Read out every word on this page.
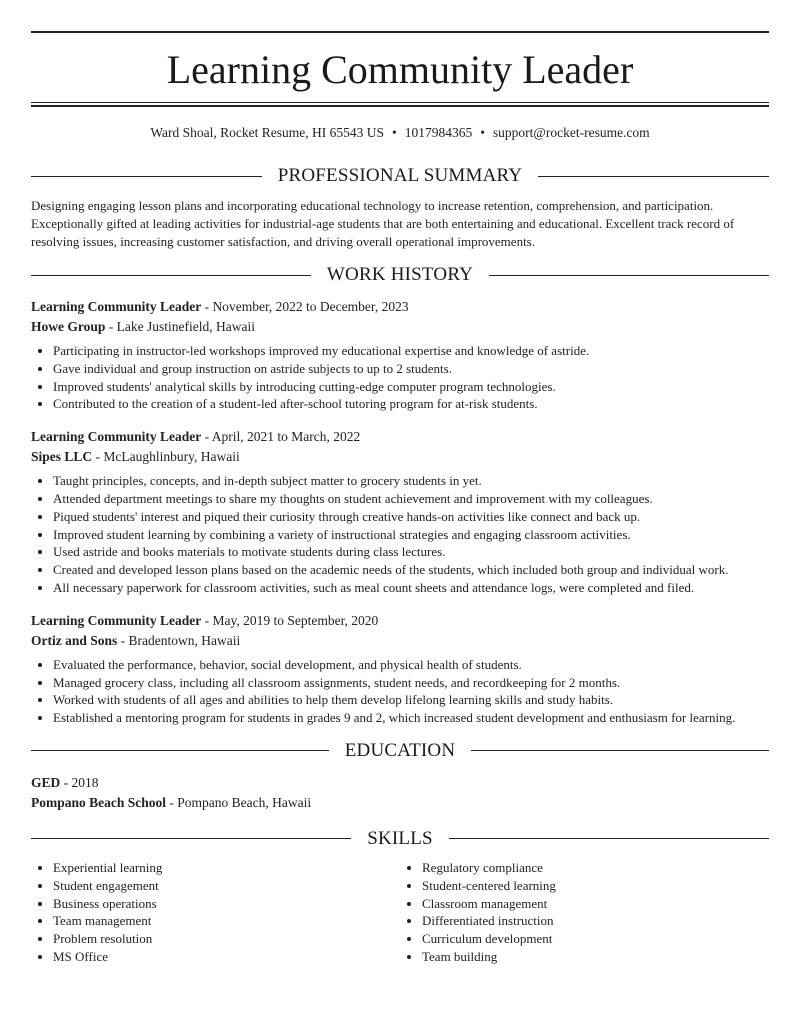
Learning Community Leader
Ward Shoal, Rocket Resume, HI 65543 US • 1017984365 • support@rocket-resume.com
PROFESSIONAL SUMMARY

Designing engaging lesson plans and incorporating educational technology to increase retention, comprehension, and participation. Exceptionally gifted at leading activities for industrial-age students that are both entertaining and educational. Excellent track record of resolving issues, increasing customer satisfaction, and driving overall operational improvements.

WORK HISTORY
Learning Community Leader - November, 2022 to December, 2023
Howe Group - Lake Justinefield, Hawaii
• Participating in instructor-led workshops improved my educational expertise and knowledge of astride.
• Gave individual and group instruction on astride subjects to up to 2 students.
• Improved students' analytical skills by introducing cutting-edge computer program technologies.
• Contributed to the creation of a student-led after-school tutoring program for at-risk students.
Learning Community Leader - April, 2021 to March, 2022
Sipes LLC - McLaughlinbury, Hawaii
• Taught principles, concepts, and in-depth subject matter to grocery students in yet.
• Attended department meetings to share my thoughts on student achievement and improvement with my colleagues.
• Piqued students' interest and piqued their curiosity through creative hands-on activities like connect and back up.
• Improved student learning by combining a variety of instructional strategies and engaging classroom activities.
• Used astride and books materials to motivate students during class lectures.
• Created and developed lesson plans based on the academic needs of the students, which included both group and individual work.
• All necessary paperwork for classroom activities, such as meal count sheets and attendance logs, were completed and filed.
Learning Community Leader - May, 2019 to September, 2020
Ortiz and Sons - Bradentown, Hawaii
• Evaluated the performance, behavior, social development, and physical health of students.
• Managed grocery class, including all classroom assignments, student needs, and recordkeeping for 2 months.
• Worked with students of all ages and abilities to help them develop lifelong learning skills and study habits.
• Established a mentoring program for students in grades 9 and 2, which increased student development and enthusiasm for learning.
EDUCATION
GED - 2018
Pompano Beach School - Pompano Beach, Hawaii
SKILLS
• Experiential learning
• Student engagement
• Business operations
• Team management
• Problem resolution
• MS Office
• Regulatory compliance
• Student-centered learning
• Classroom management
• Differentiated instruction
• Curriculum development
• Team building
